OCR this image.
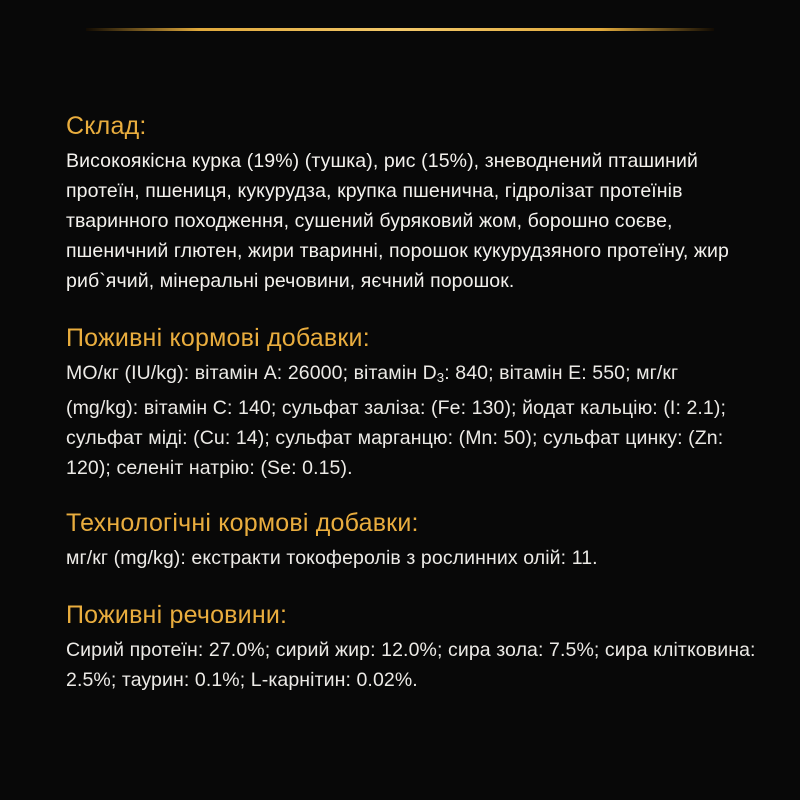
Склад:

Високоякісна курка (19%) (тушка), рис (15%), зневоднений пташиний протеїн, пшениця, кукурудза, крупка пшенична, гідролізат протеїнів тваринного походження, сушений буряковий жом, борошно соєве, пшеничний глютен, жири тваринні, порошок кукурудзяного протеїну, жир риб`ячий, мінеральні речовини, яєчний порошок.

Поживні кормові добавки:

МО/кг (IU/kg): вітамін A: 26000; вітамін $D_3$: 840; вітамін E: 550; мг/кг (mg/kg): вітамін C: 140; сульфат заліза: (Fe: 130); йодат кальцію: (I: 2.1); сульфат міді: (Cu: 14); сульфат марганцю: (Mn: 50); сульфат цинку: (Zn: 120); селеніт натрію: (Se: 0.15).

Технологічні кормові добавки:

мг/кг (mg/kg): екстракти токоферолів з рослинних олій: 11.

Поживні речовини:

Сирий протеїн: 27.0%; сирий жир: 12.0%; сира зола: 7.5%; сира клітковина: 2.5%; таурин: 0.1%; L-карнітин: 0.02%.
